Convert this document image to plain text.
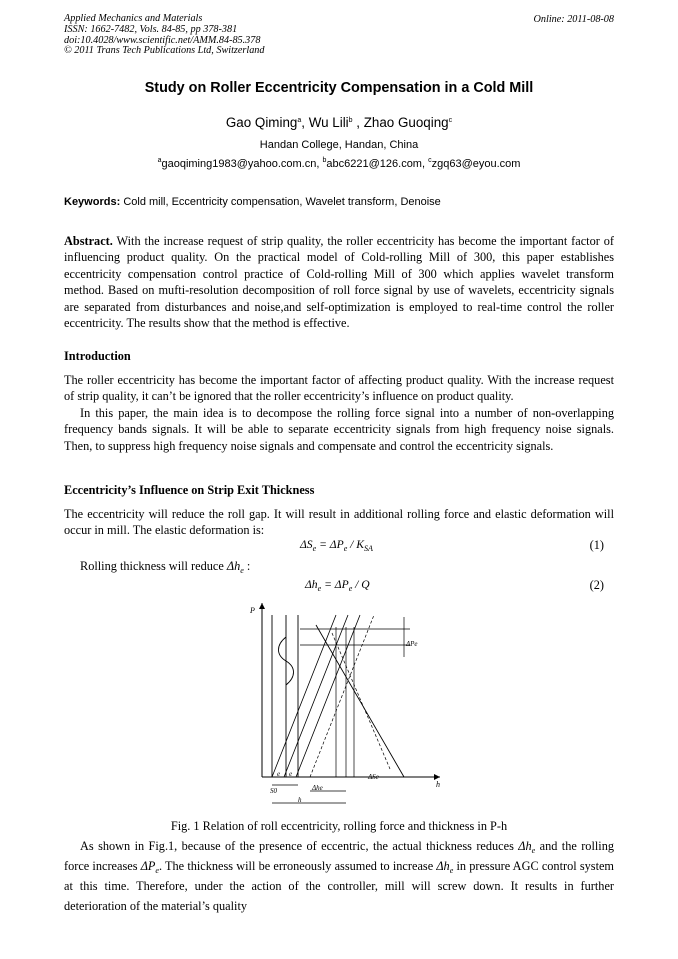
Applied Mechanics and Materials
ISSN: 1662-7482, Vols. 84-85, pp 378-381
doi:10.4028/www.scientific.net/AMM.84-85.378
© 2011 Trans Tech Publications Ltd, Switzerland
Online: 2011-08-08
Study on Roller Eccentricity Compensation in a Cold Mill
Gao Qiming$^a$, Wu Lili$^b$ , Zhao Guoqing$^c$
Handan College, Handan, China
$^a$gaoqiming1983@yahoo.com.cn, $^b$abc6221@126.com, $^c$zgq63@eyou.com
Keywords: Cold mill, Eccentricity compensation, Wavelet transform, Denoise
Abstract. With the increase request of strip quality, the roller eccentricity has become the important factor of influencing product quality. On the practical model of Cold-rolling Mill of 300, this paper establishes eccentricity compensation control practice of Cold-rolling Mill of 300 which applies wavelet transform method. Based on mufti-resolution decomposition of roll force signal by use of wavelets, eccentricity signals are separated from disturbances and noise,and self-optimization is employed to real-time control the roller eccentricity. The results show that the method is effective.
Introduction
The roller eccentricity has become the important factor of affecting product quality. With the increase request of strip quality, it can’t be ignored that the roller eccentricity’s influence on product quality.
In this paper, the main idea is to decompose the rolling force signal into a number of non-overlapping frequency bands signals. It will be able to separate eccentricity signals from high frequency noise signals. Then, to suppress high frequency noise signals and compensate and control the eccentricity signals.
Eccentricity’s Influence on Strip Exit Thickness
The eccentricity will reduce the roll gap. It will result in additional rolling force and elastic deformation will occur in mill. The elastic deformation is:
$\Delta S_e = \Delta P_e / K_{SA}$	(1)
Rolling thickness will reduce $\Delta h_e$ :
$\Delta h_e = \Delta P_e / Q$	(2)
P
h
ΔPe
ΔSe
e e
S0	Δhe
h
Fig. 1 Relation of roll eccentricity, rolling force and thickness in P-h
As shown in Fig.1, because of the presence of eccentric, the actual thickness reduces $\Delta h_e$ and the rolling force increases $\Delta P_e$. The thickness will be erroneously assumed to increase $\Delta h_e$ in pressure AGC control system at this time. Therefore, under the action of the controller, mill will screw down. It results in further deterioration of the material’s quality
